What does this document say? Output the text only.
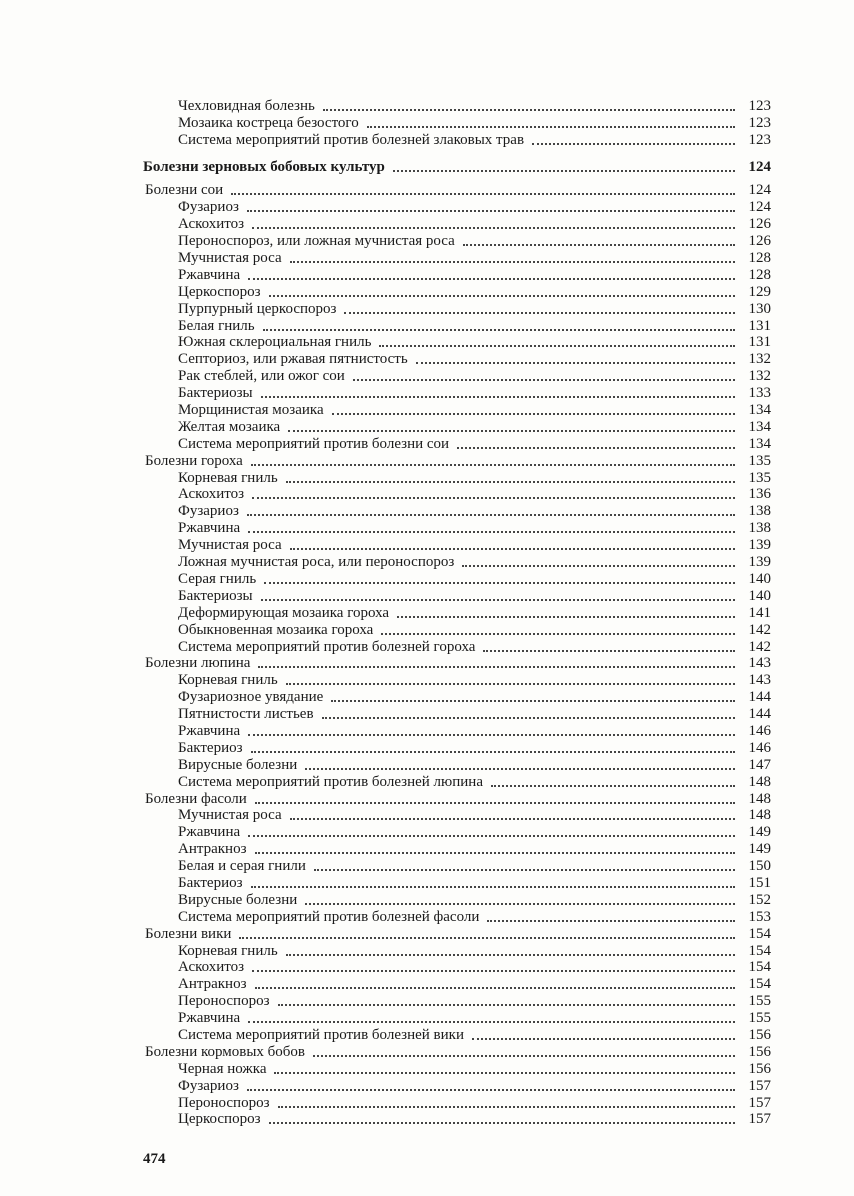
Чехловидная болезнь	123
Мозаика костреца безостого	123
Система мероприятий против болезней злаковых трав	123
Болезни зерновых бобовых культур	124
Болезни сои	124
Фузариоз	124
Аскохитоз	126
Пероноспороз, или ложная мучнистая роса	126
Мучнистая роса	128
Ржавчина	128
Церкоспороз	129
Пурпурный церкоспороз	130
Белая гниль	131
Южная склероциальная гниль	131
Септориоз, или ржавая пятнистость	132
Рак стеблей, или ожог сои	132
Бактериозы	133
Морщинистая мозаика	134
Желтая мозаика	134
Система мероприятий против болезни сои	134
Болезни гороха	135
Корневая гниль	135
Аскохитоз	136
Фузариоз	138
Ржавчина	138
Мучнистая роса	139
Ложная мучнистая роса, или пероноспороз	139
Серая гниль	140
Бактериозы	140
Деформирующая мозаика гороха	141
Обыкновенная мозаика гороха	142
Система мероприятий против болезней гороха	142
Болезни люпина	143
Корневая гниль	143
Фузариозное увядание	144
Пятнистости листьев	144
Ржавчина	146
Бактериоз	146
Вирусные болезни	147
Система мероприятий против болезней люпина	148
Болезни фасоли	148
Мучнистая роса	148
Ржавчина	149
Антракноз	149
Белая и серая гнили	150
Бактериоз	151
Вирусные болезни	152
Система мероприятий против болезней фасоли	153
Болезни вики	154
Корневая гниль	154
Аскохитоз	154
Антракноз	154
Пероноспороз	155
Ржавчина	155
Система мероприятий против болезней вики	156
Болезни кормовых бобов	156
Черная ножка	156
Фузариоз	157
Пероноспороз	157
Церкоспороз	157
474
